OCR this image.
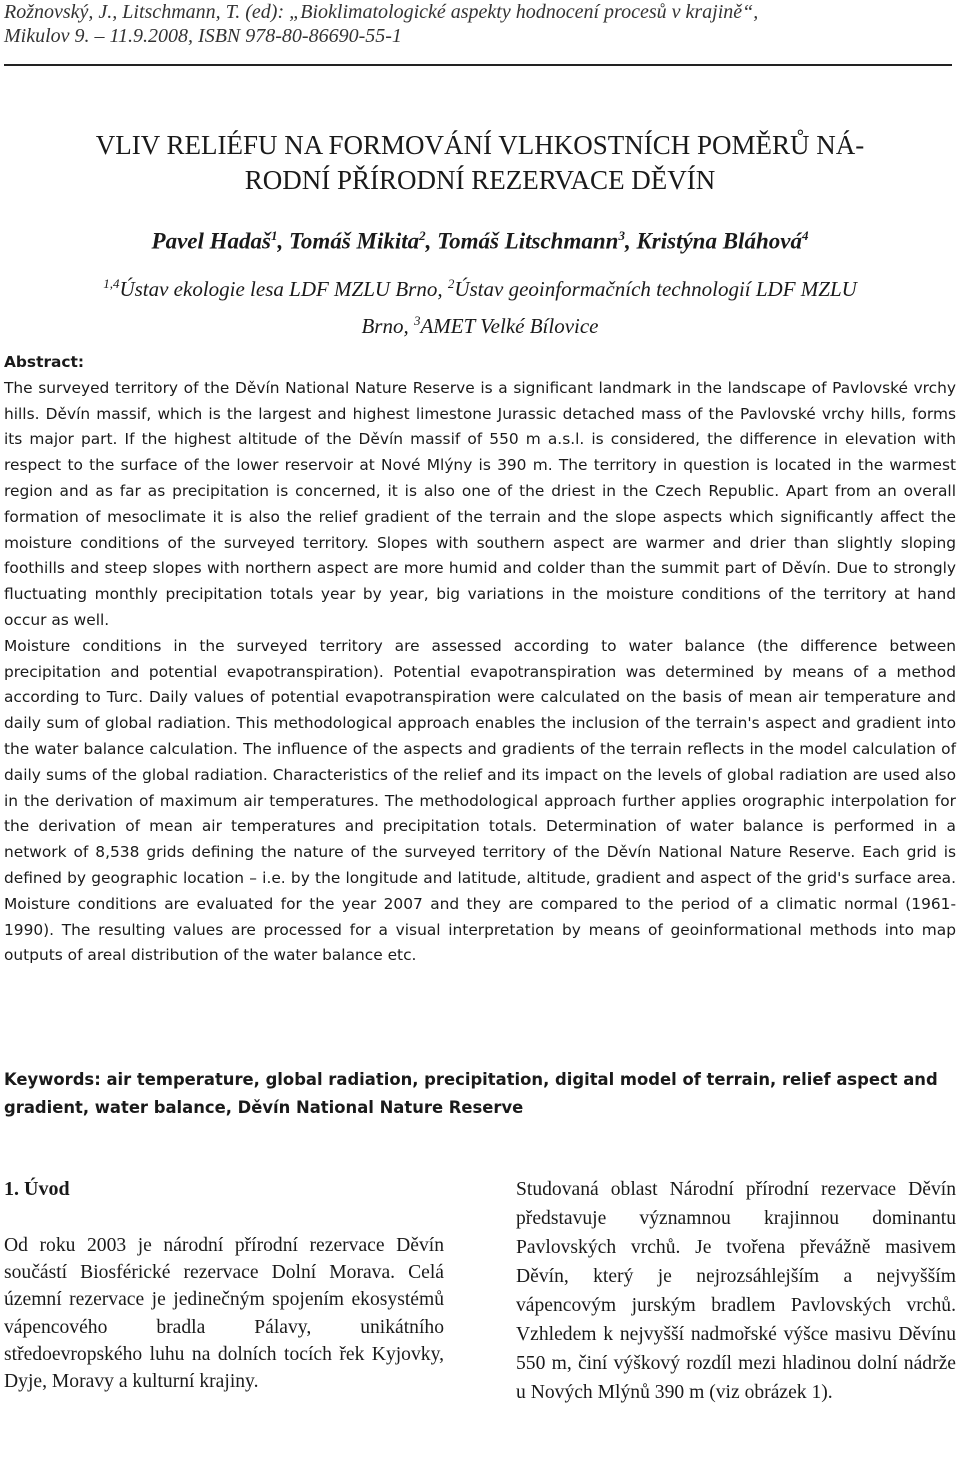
Rožnovský, J., Litschmann, T. (ed): „Bioklimatologické aspekty hodnocení procesů v krajině“,
Mikulov 9. – 11.9.2008, ISBN 978-80-86690-55-1
VLIV RELIÉFU NA FORMOVÁNÍ VLHKOSTNÍCH POMĚRŮ NÁ-
RODNÍ PŘÍRODNÍ REZERVACE DĚVÍN
Pavel Hadaš$^1$, Tomáš Mikita$^2$, Tomáš Litschmann$^3$, Kristýna Bláhová$^4$
$^{1,4}$Ústav ekologie lesa LDF MZLU Brno, $^2$Ústav geoinformačních technologií LDF MZLU
Brno, $^3$AMET Velké Bílovice
Abstract:
The surveyed territory of the Děvín National Nature Reserve is a significant landmark in the landscape of Pavlovské vrchy hills. Děvín massif, which is the largest and highest limestone Jurassic detached mass of the Pavlovské vrchy hills, forms its major part. If the highest altitude of the Děvín massif of 550 m a.s.l. is considered, the difference in elevation with respect to the surface of the lower reservoir at Nové Mlýny is 390 m. The territory in question is located in the warmest region and as far as precipitation is concerned, it is also one of the driest in the Czech Republic. Apart from an overall formation of mesoclimate it is also the relief gradient of the terrain and the slope aspects which significantly affect the moisture conditions of the surveyed territory. Slopes with southern aspect are warmer and drier than slightly sloping foothills and steep slopes with northern aspect are more humid and colder than the summit part of Děvín. Due to strongly fluctuating monthly precipitation totals year by year, big variations in the moisture conditions of the territory at hand occur as well.
Moisture conditions in the surveyed territory are assessed according to water balance (the difference between precipitation and potential evapotranspiration). Potential evapotranspiration was determined by means of a method according to Turc. Daily values of potential evapotranspiration were calculated on the basis of mean air temperature and daily sum of global radiation. This methodological approach enables the inclusion of the terrain's aspect and gradient into the water balance calculation. The influence of the aspects and gradients of the terrain reflects in the model calculation of daily sums of the global radiation. Characteristics of the relief and its impact on the levels of global radiation are used also in the derivation of maximum air temperatures. The methodological approach further applies orographic interpolation for the derivation of mean air temperatures and precipitation totals. Determination of water balance is performed in a network of 8,538 grids defining the nature of the surveyed territory of the Děvín National Nature Reserve. Each grid is defined by geographic location – i.e. by the longitude and latitude, altitude, gradient and aspect of the grid's surface area. Moisture conditions are evaluated for the year 2007 and they are compared to the period of a climatic normal (1961-1990). The resulting values are processed for a visual interpretation by means of geoinformational methods into map outputs of areal distribution of the water balance etc.
Keywords: air temperature, global radiation, precipitation, digital model of terrain, relief aspect and gradient, water balance, Děvín National Nature Reserve
1. Úvod
Od roku 2003 je národní přírodní rezervace Děvín součástí Biosférické rezervace Dolní Morava. Celá územní rezervace je jedinečným spojením ekosystémů vápencového bradla Pálavy, unikátního středoevropského luhu na dolních tocích řek Kyjovky, Dyje, Moravy a kulturní krajiny.
Studovaná oblast Národní přírodní rezervace Děvín představuje významnou krajinnou dominantu Pavlovských vrchů. Je tvořena převážně masivem Děvín, který je nejrozsáhlejším a nejvyšším vápencovým jurským bradlem Pavlovských vrchů. Vzhledem k nejvyšší nadmořské výšce masivu Děvínu 550 m, činí výškový rozdíl mezi hladinou dolní nádrže u Nových Mlýnů 390 m (viz obrázek 1).
